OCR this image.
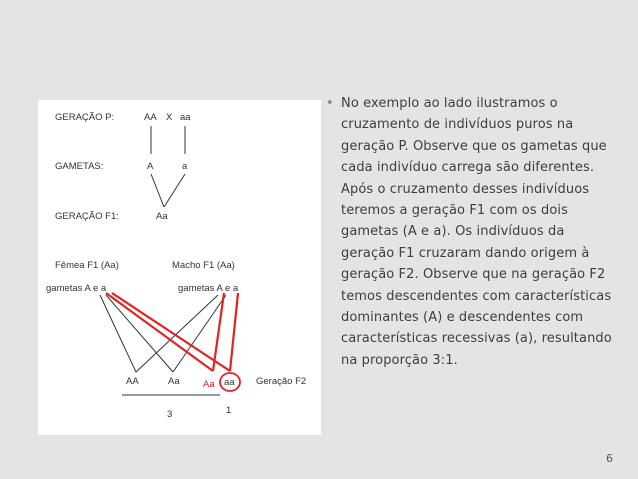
GERAÇÃO P:	AA X aa
GAMETAS:	A	a
GERAÇÃO F1:	Aa
Fêmea F1 (Aa)	Macho F1 (Aa)
gametas A e a	gametas A e a
AA	Aa Aa aa Geração F2
3	1
• No exemplo ao lado ilustramos o cruzamento de indivíduos puros na geração P. Observe que os gametas que cada indivíduo carrega são diferentes. Após o cruzamento desses indivíduos teremos a geração F1 com os dois gametas (A e a). Os indivíduos da geração F1 cruzaram dando origem à geração F2. Observe que na geração F2 temos descendentes com características dominantes (A) e descendentes com características recessivas (a), resultando na proporção 3:1.
6
